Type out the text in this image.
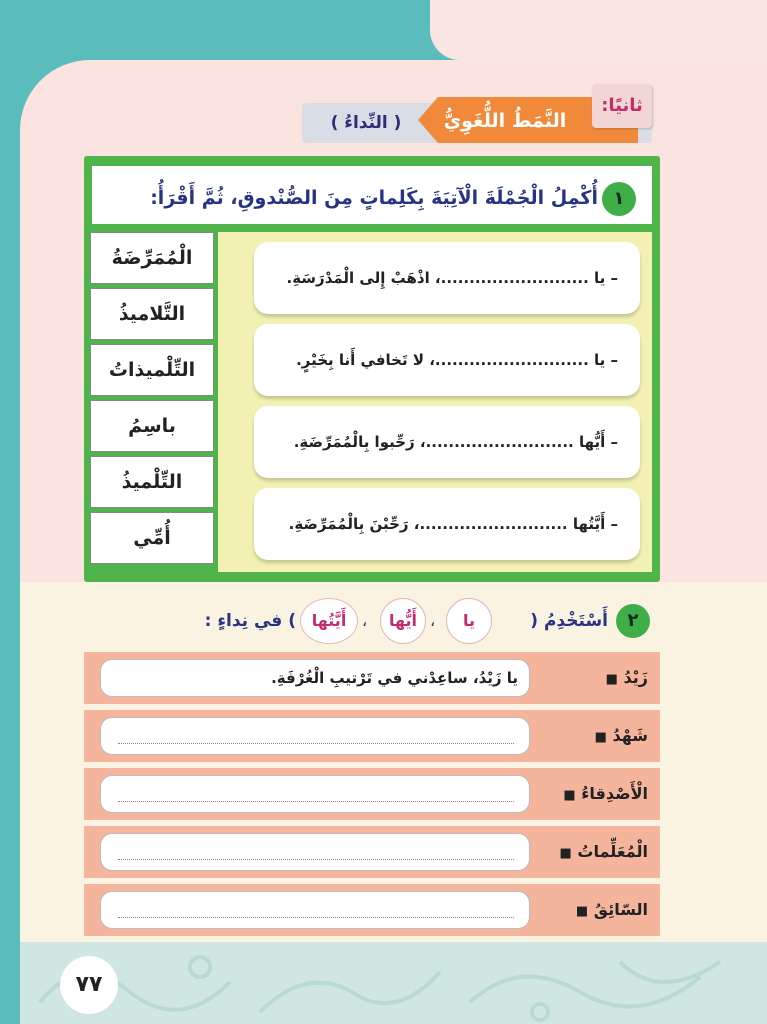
النَّمَطُ اللُّغَوِيُّ
( النِّداءُ )
ثانيًا:
١
أُكْمِلُ الْجُمْلَةَ الْآتِيَةَ بِكَلِماتٍ مِنَ الصُّنْدوقِ، ثُمَّ أَقْرَأُ:
الْمُمَرِّضَةُ
التَّلاميذُ
التِّلْميذاتُ
باسِمُ
التِّلْميذُ
أُمِّي
– يا ..........................، اذْهَبْ إِلى الْمَدْرَسَةِ.
– يا ...........................، لا تَخافي أَنا بِخَيْرٍ.
– أَيُّها ..........................، رَحِّبوا بِالْمُمَرِّضَةِ.
– أَيَّتُها ..........................، رَحِّبْنَ بِالْمُمَرِّضَةِ.
٢
أَسْتَخْدِمُ (
يا
،
أَيُّها
،
أَيَّتُها
) في نِداءٍ :
يا زَيْدُ، ساعِدْني في تَرْتيبِ الْغُرْفَةِ.	زَيْدُ ■
شَهْدُ ■
الْأَصْدِقاءُ ■
الْمُعَلِّماتُ ■
السّائِقُ ■
٧٧
